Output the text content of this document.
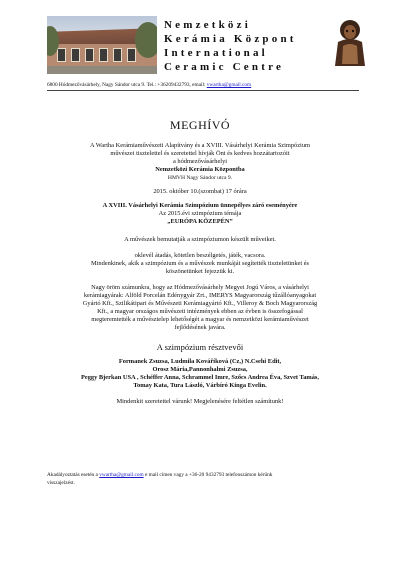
Nemzetközi
Kerámia Központ
International
Ceramic Centre
6800 Hódmezővásárhely, Nagy Sándor utca 9. Tel.: +36209432793, email: vwartha@gmail.com
MEGHÍVÓ
A Wartha Kerámiaművészeti Alapítvány és a XVIII. Vásárhelyi Kerámia Szimpózium
művészei tisztelettel és szeretettel hívják Önt és kedves hozzátartozóit
a hódmezővásárhelyi
Nemzetközi Kerámia Központba
HMVH Nagy Sándor utca 9.
2015. október 10.(szombat) 17 órára
A XVIII. Vásárhelyi Kerámia Szimpózium ünnepélyes záró eseményére
Az 2015.évi szimpózium témája
„EURÓPA KÖZEPÉN”
A művészek bemutatják a szimpóziumon készült műveiket.
oklevél átadás, kötetlen beszélgetés, játék, vacsora.
Mindenkinek, akik a szimpózium és a művészek munkáját segítették tiszteletünket és
köszönetünket fejezzük ki.
Nagy öröm számunkra, hogy az Hódmezővásárhely Megyei Jogú Város, a vásárhelyi
kerámiagyárak: Alföld Porcelán Edénygyár Zrt., IMERYS Magyarország tűzállóanyagokat
Gyártó Kft., Szilikátipari és Művészeti Kerámiagyártó Kft., Villeroy & Boch Magyarország
Kft., a magyar országos művészeti intézmények ebben az évben is összefogással
megteremtették a művésztelep lehetőségét a magyar és nemzetközi kerámiaművészet
fejlődésének javára.
A szimpózium résztvevői
Formanek Zsuzsa, Ludmila Kováříková (Cz,) N.Csehi Edit,
Orosz Mária,Pannonhalmi Zsuzsa,
Peggy Bjerkan USA , Schéffer Anna, Schrammel Imre, Szőcs Andrea Éva, Szvet Tamás,
Tomay Kata, Tura László, Várbíró Kinga Evelin.
Mindenkit szeretettel várunk! Megjelenésére feltétlen számítunk!
Akadályoztatás esetén a vwartha@gmail.com e mail címen vagy a +36-20 9432793 telefonszámon kérünk
visszajelzést.
